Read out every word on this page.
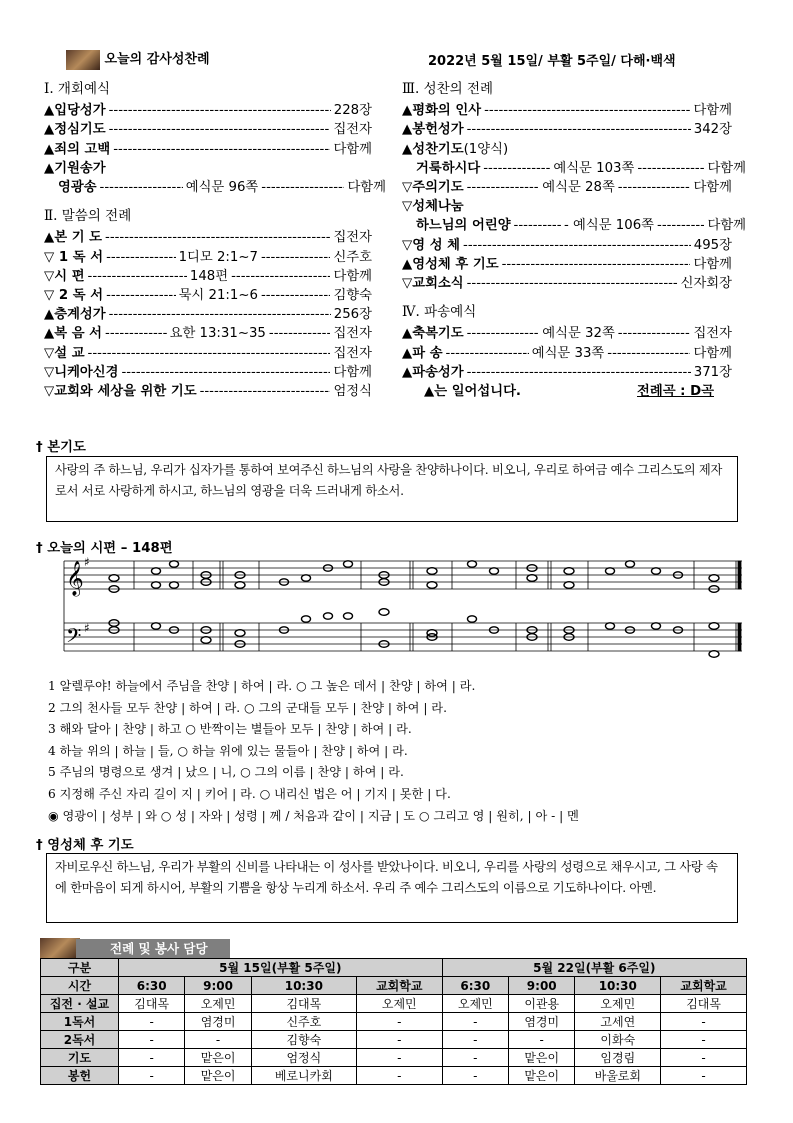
오늘의 감사성찬례	2022년 5월 15일/ 부활 5주일/ 다해·백색
Ⅰ. 개회예식
▲입당성가 -----	228장
▲정심기도 -----	집전자
▲죄의 고백 -----	다함께
▲기원송가
영광송 -----	예식문 96쪽 -----	다함께
Ⅱ. 말씀의 전례
▲본 기 도 -----	집전자
▽ 1 독 서 -----	1디모 2:1~7 -----	신주호
▽시 편 -----	148편 -----	다함께
▽ 2 독 서 -----	묵시 21:1~6 -----	김향숙
▲층계성가 -----	256장
▲복 음 서 -----	요한 13:31~35 -----	집전자
▽설 교 -----	집전자
▽니케아신경 -----	다함께
▽교회와 세상을 위한 기도 -----	엄정식
Ⅲ. 성찬의 전례
▲평화의 인사 -----	다함께
▲봉헌성가 -----	342장
▲성찬기도 (1양식)
거룩하시다 -----	예식문 103쪽 -----	다함께
▽주의기도 -----	예식문 28쪽 -----	다함께
▽성체나눔
하느님의 어린양 -----	- 예식문 106쪽 -----	다함께
▽영 성 체 -----	495장
▲영성체 후 기도 -----	다함께
▽교회소식 -----	신자회장
Ⅳ. 파송예식
▲축복기도 -----	예식문 32쪽 -----	집전자
▲파 송 -----	예식문 33쪽 -----	다함께
▲파송성가 -----	371장
▲는 일어섭니다.	전례곡 : D곡
† 본기도
사랑의 주 하느님, 우리가 십자가를 통하여 보여주신 하느님의 사랑을 찬양하나이다. 비오니, 우리로 하여금 예수 그리스도의 제자로서 서로 사랑하게 하시고, 하느님의 영광을 더욱 드러내게 하소서.
† 오늘의 시편 – 148편
𝄞
𝄢
♯
♯
1 알렐루야! 하늘에서 주님을 찬양 | 하여 | 라. ○ 그 높은 데서 | 찬양 | 하여 | 라.
2 그의 천사들 모두 찬양 | 하여 | 라. ○ 그의 군대들 모두 | 찬양 | 하여 | 라.
3 해와 달아 | 찬양 | 하고 ○ 반짝이는 별들아 모두 | 찬양 | 하여 | 라.
4 하늘 위의 | 하늘 | 들, ○ 하늘 위에 있는 물들아 | 찬양 | 하여 | 라.
5 주님의 명령으로 생겨 | 났으 | 니, ○ 그의 이름 | 찬양 | 하여 | 라.
6 지정해 주신 자리 길이 지 | 키어 | 라. ○ 내리신 법은 어 | 기지 | 못한 | 다.
◉ 영광이 | 성부 | 와 ○ 성 | 자와 | 성령 | 께 / 처음과 같이 | 지금 | 도 ○ 그리고 영 | 원히, | 아 - | 멘
† 영성체 후 기도
자비로우신 하느님, 우리가 부활의 신비를 나타내는 이 성사를 받았나이다. 비오니, 우리를 사랑의 성령으로 채우시고, 그 사랑 속에 한마음이 되게 하시어, 부활의 기쁨을 항상 누리게 하소서. 우리 주 예수 그리스도의 이름으로 기도하나이다. 아멘.
전례 및 봉사 담당
구분	5월 15일(부활 5주일)				5월 22일(부활 6주일)			
시간	6:30	9:00	10:30	교회학교	6:30	9:00	10:30	교회학교
집전 · 설교	김대목	오제민	김대목	오제민	오제민	이관용	오제민	김대목
1독서	-	염경미	신주호	-	-	염경미	고세연	-
2독서	-	-	김향숙	-	-	-	이화숙	-
기도	-	맡은이	엄정식	-	-	맡은이	임경림	-
봉헌	-	맡은이	베로니카회	-	-	맡은이	바울로회	-
